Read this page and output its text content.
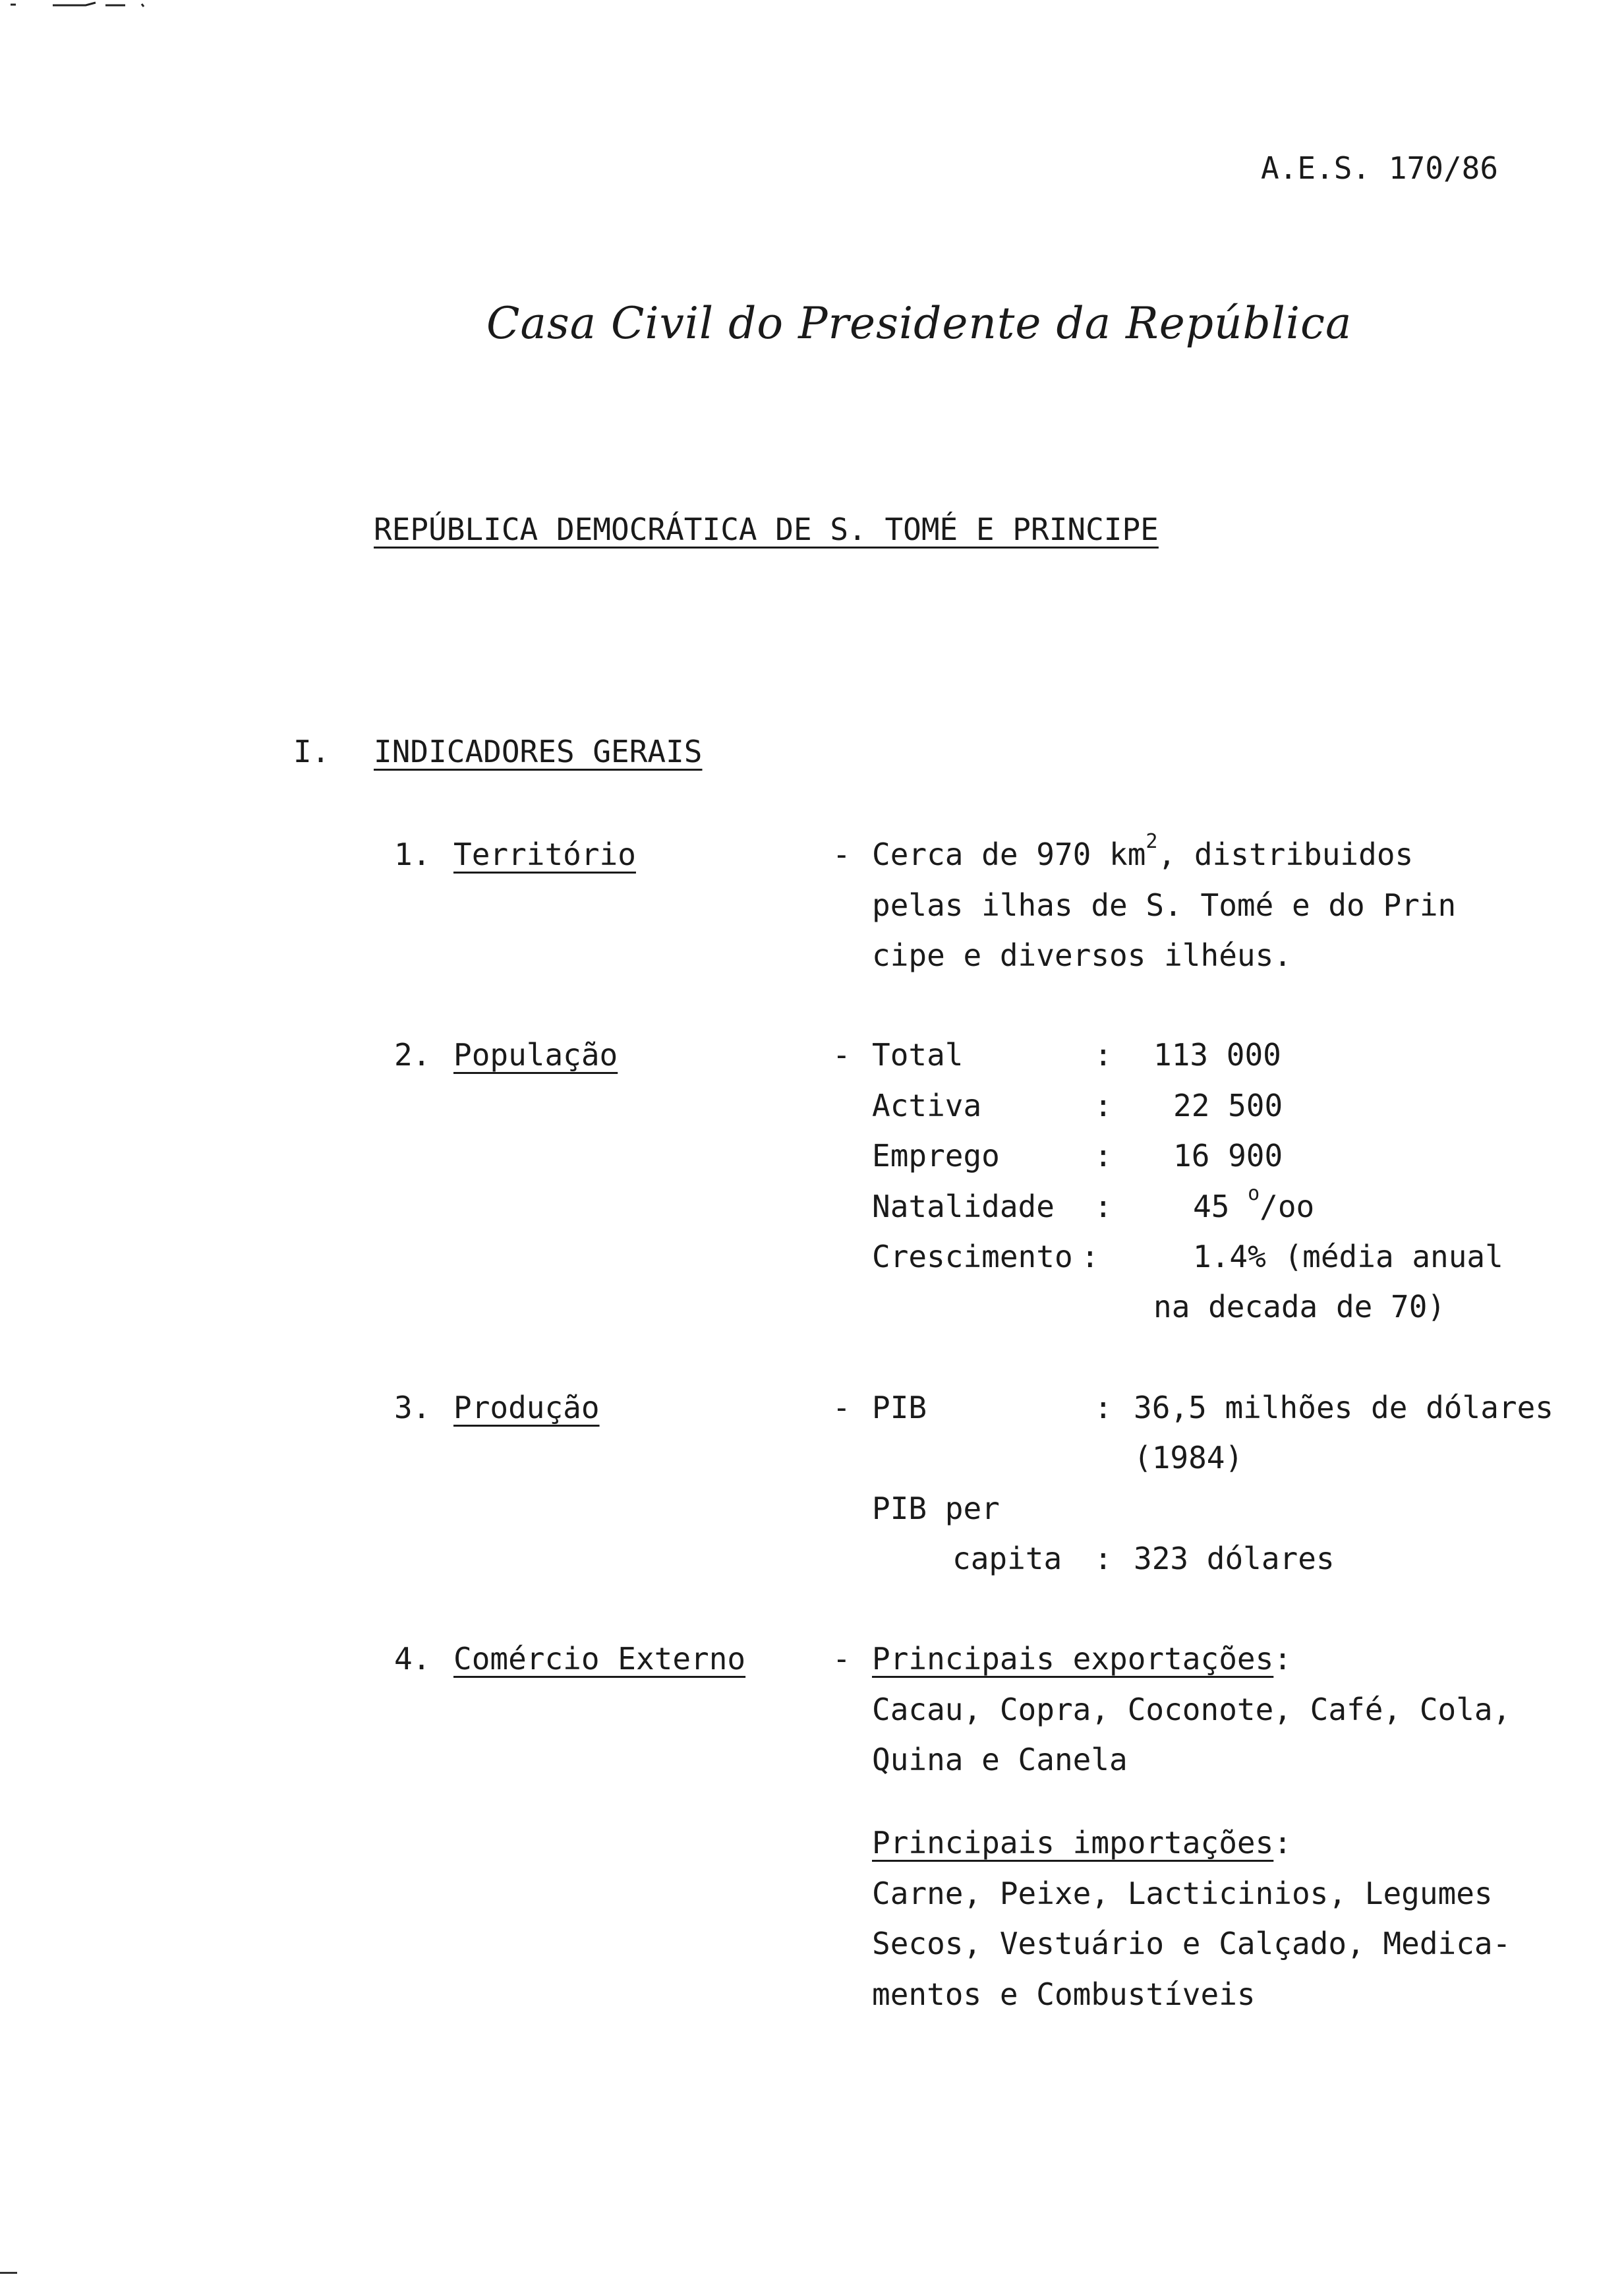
A.E.S. 170/86
Casa Civil do Presidente da República
REPÚBLICA DEMOCRÁTICA DE S. TOMÉ E PRINCIPE
I. INDICADORES GERAIS
1. Território	- Cerca de 970 $km^2$, distribuidos
pelas ilhas de S. Tomé e do Prin
cipe e diversos ilhéus.
2. População	- Total	: 113 000
Activa	: 22 500
Emprego	: 16 900
Natalidade :	45 $^o$/oo
Crescimento :	1.4% (média anual
na decada de 70)
3. Produção	- PIB	: 36,5 milhões de dólares
(1984)
PIB per
capita : 323 dólares
4. Comércio Externo	- Principais exportações:
Cacau, Copra, Coconote, Café, Cola,
Quina e Canela
Principais importações:
Carne, Peixe, Lacticinios, Legumes
Secos, Vestuário e Calçado, Medica-
mentos e Combustíveis
